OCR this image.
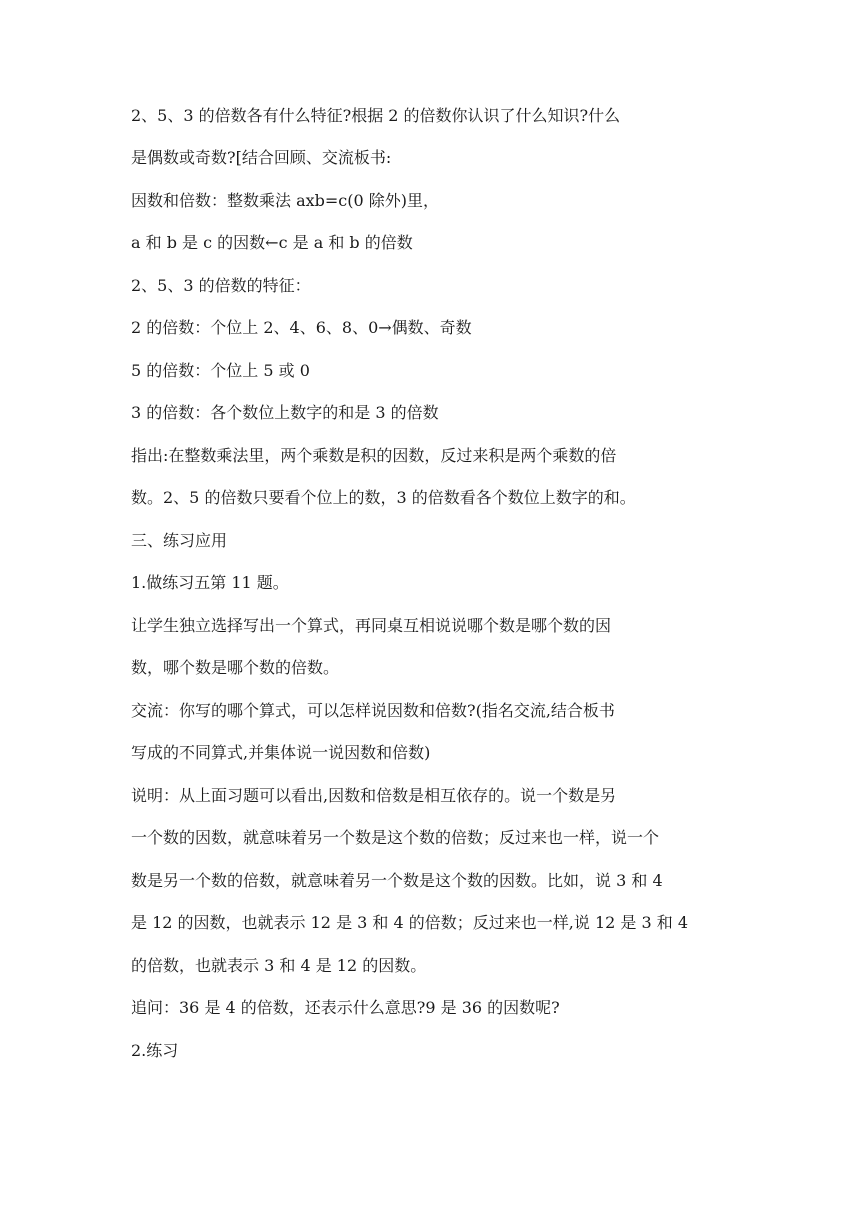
2、5、3 的倍数各有什么特征?根据 2 的倍数你认识了什么知识?什么
是偶数或奇数?[结合回顾、交流板书:
因数和倍数：整数乘法 axb=c(0 除外)里，
a 和 b 是 c 的因数←c 是 a 和 b 的倍数
2、5、3 的倍数的特征：
2 的倍数：个位上 2、4、6、8、0→偶数、奇数
5 的倍数：个位上 5 或 0
3 的倍数：各个数位上数字的和是 3 的倍数
指出:在整数乘法里，两个乘数是积的因数，反过来积是两个乘数的倍
数。2、5 的倍数只要看个位上的数，3 的倍数看各个数位上数字的和。
三、练习应用
1.做练习五第 11 题。
让学生独立选择写出一个算式，再同桌互相说说哪个数是哪个数的因
数，哪个数是哪个数的倍数。
交流：你写的哪个算式，可以怎样说因数和倍数?(指名交流,结合板书
写成的不同算式,并集体说一说因数和倍数)
说明：从上面习题可以看出,因数和倍数是相互依存的。说一个数是另
一个数的因数，就意味着另一个数是这个数的倍数；反过来也一样，说一个
数是另一个数的倍数，就意味着另一个数是这个数的因数。比如，说 3 和 4
是 12 的因数，也就表示 12 是 3 和 4 的倍数；反过来也一样,说 12 是 3 和 4
的倍数，也就表示 3 和 4 是 12 的因数。
追问：36 是 4 的倍数，还表示什么意思?9 是 36 的因数呢?
2.练习
